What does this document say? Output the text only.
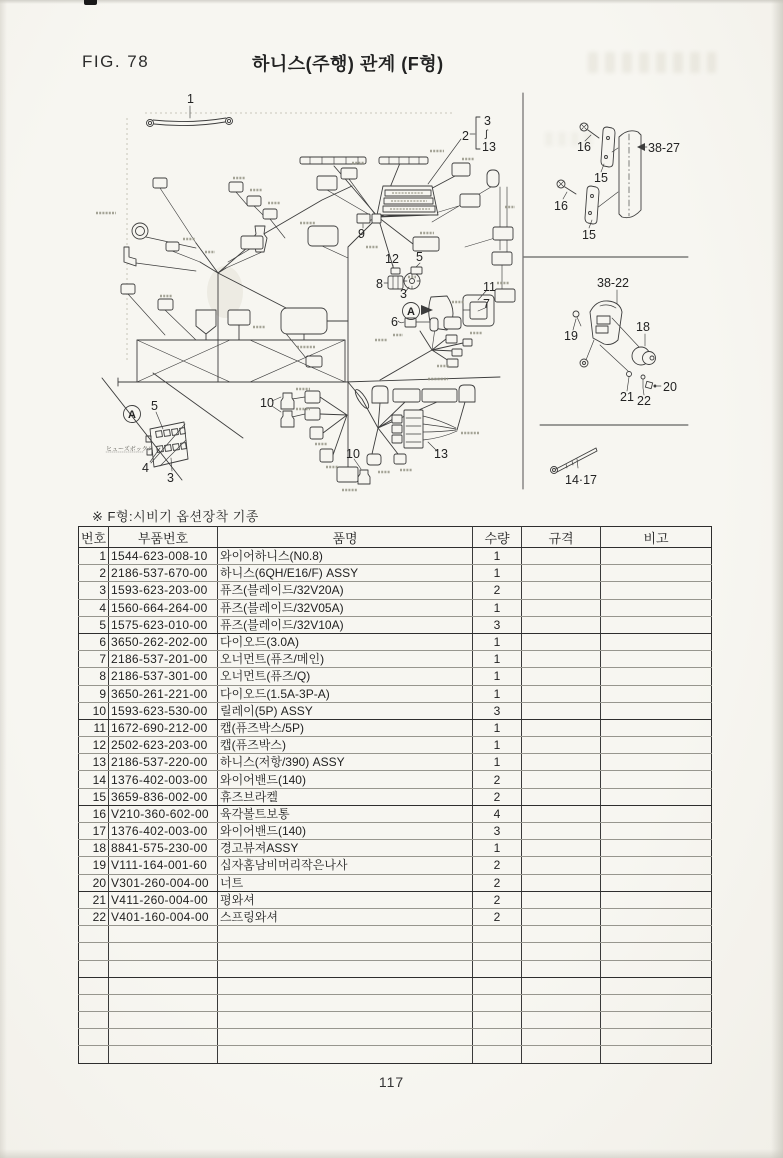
FIG. 78	하니스(주행) 관계 (F형)
1
2
3
∫
13
9
12 5
8
3	11
7
6
A
10
10	13
A
5
4
3
ヒューズボックス
16
15
38-27
16
15
38-22
19
18
21 22
20
14·17
※ F형:시비기 옵션장착 기종
번호	부품번호	품명	수량	규격	비고
1	1544-623-008-10	와이어하니스(N0.8)	1		
2	2186-537-670-00	하니스(6QH/E16/F) ASSY	1		
3	1593-623-203-00	퓨즈(블레이드/32V20A)	2		
4	1560-664-264-00	퓨즈(블레이드/32V05A)	1		
5	1575-623-010-00	퓨즈(블레이드/32V10A)	3		
6	3650-262-202-00	다이오드(3.0A)	1		
7	2186-537-201-00	오너먼트(퓨즈/메인)	1		
8	2186-537-301-00	오너먼트(퓨즈/Q)	1		
9	3650-261-221-00	다이오드(1.5A-3P-A)	1		
10	1593-623-530-00	릴레이(5P) ASSY	3		
11	1672-690-212-00	캡(퓨즈박스/5P)	1		
12	2502-623-203-00	캡(퓨즈박스)	1		
13	2186-537-220-00	하니스(저항/390) ASSY	1		
14	1376-402-003-00	와이어밴드(140)	2		
15	3659-836-002-00	휴즈브라켈	2		
16	V210-360-602-00	육각볼트보통	4		
17	1376-402-003-00	와이어밴드(140)	3		
18	8841-575-230-00	경고뷰져ASSY	1		
19	V111-164-001-60	십자홈남비머리작은나사	2		
20	V301-260-004-00	너트	2		
21	V411-260-004-00	평와셔	2		
22	V401-160-004-00	스프링와셔	2		

117
